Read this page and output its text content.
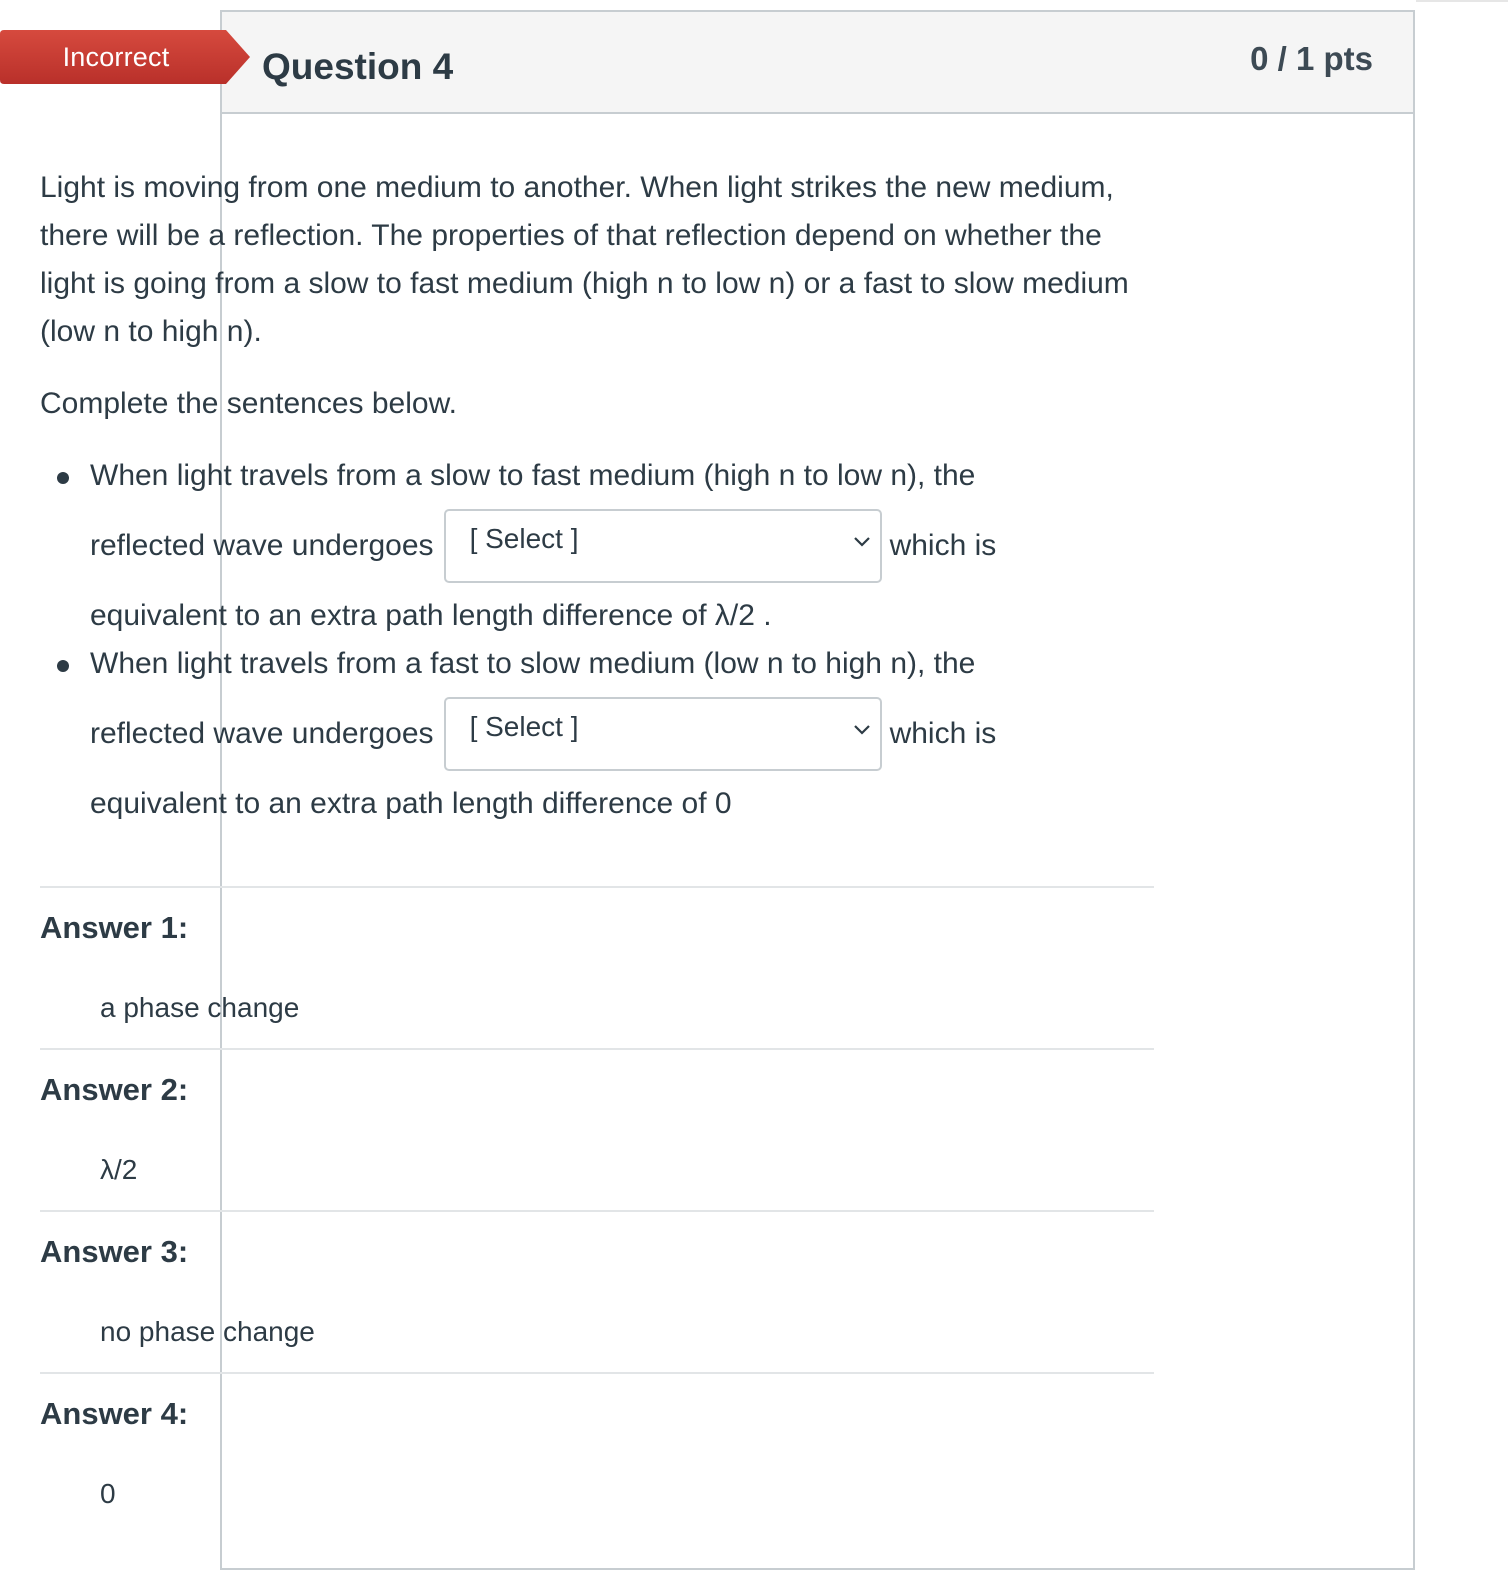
Incorrect	Question 4	0 / 1 pts

Light is moving from one medium to another. When light strikes the new medium, there will be a reflection. The properties of that reflection depend on whether the light is going from a slow to fast medium (high n to low n) or a fast to slow medium (low n to high n).

Complete the sentences below.

When light travels from a slow to fast medium (high n to low n), the
reflected wave undergoes [ Select ]	which is
equivalent to an extra path length difference of λ/2 .
When light travels from a fast to slow medium (low n to high n), the
reflected wave undergoes [ Select ]	which is
equivalent to an extra path length difference of 0
Answer 1:
a phase change
Answer 2:
λ/2
Answer 3:
no phase change
Answer 4:
0
